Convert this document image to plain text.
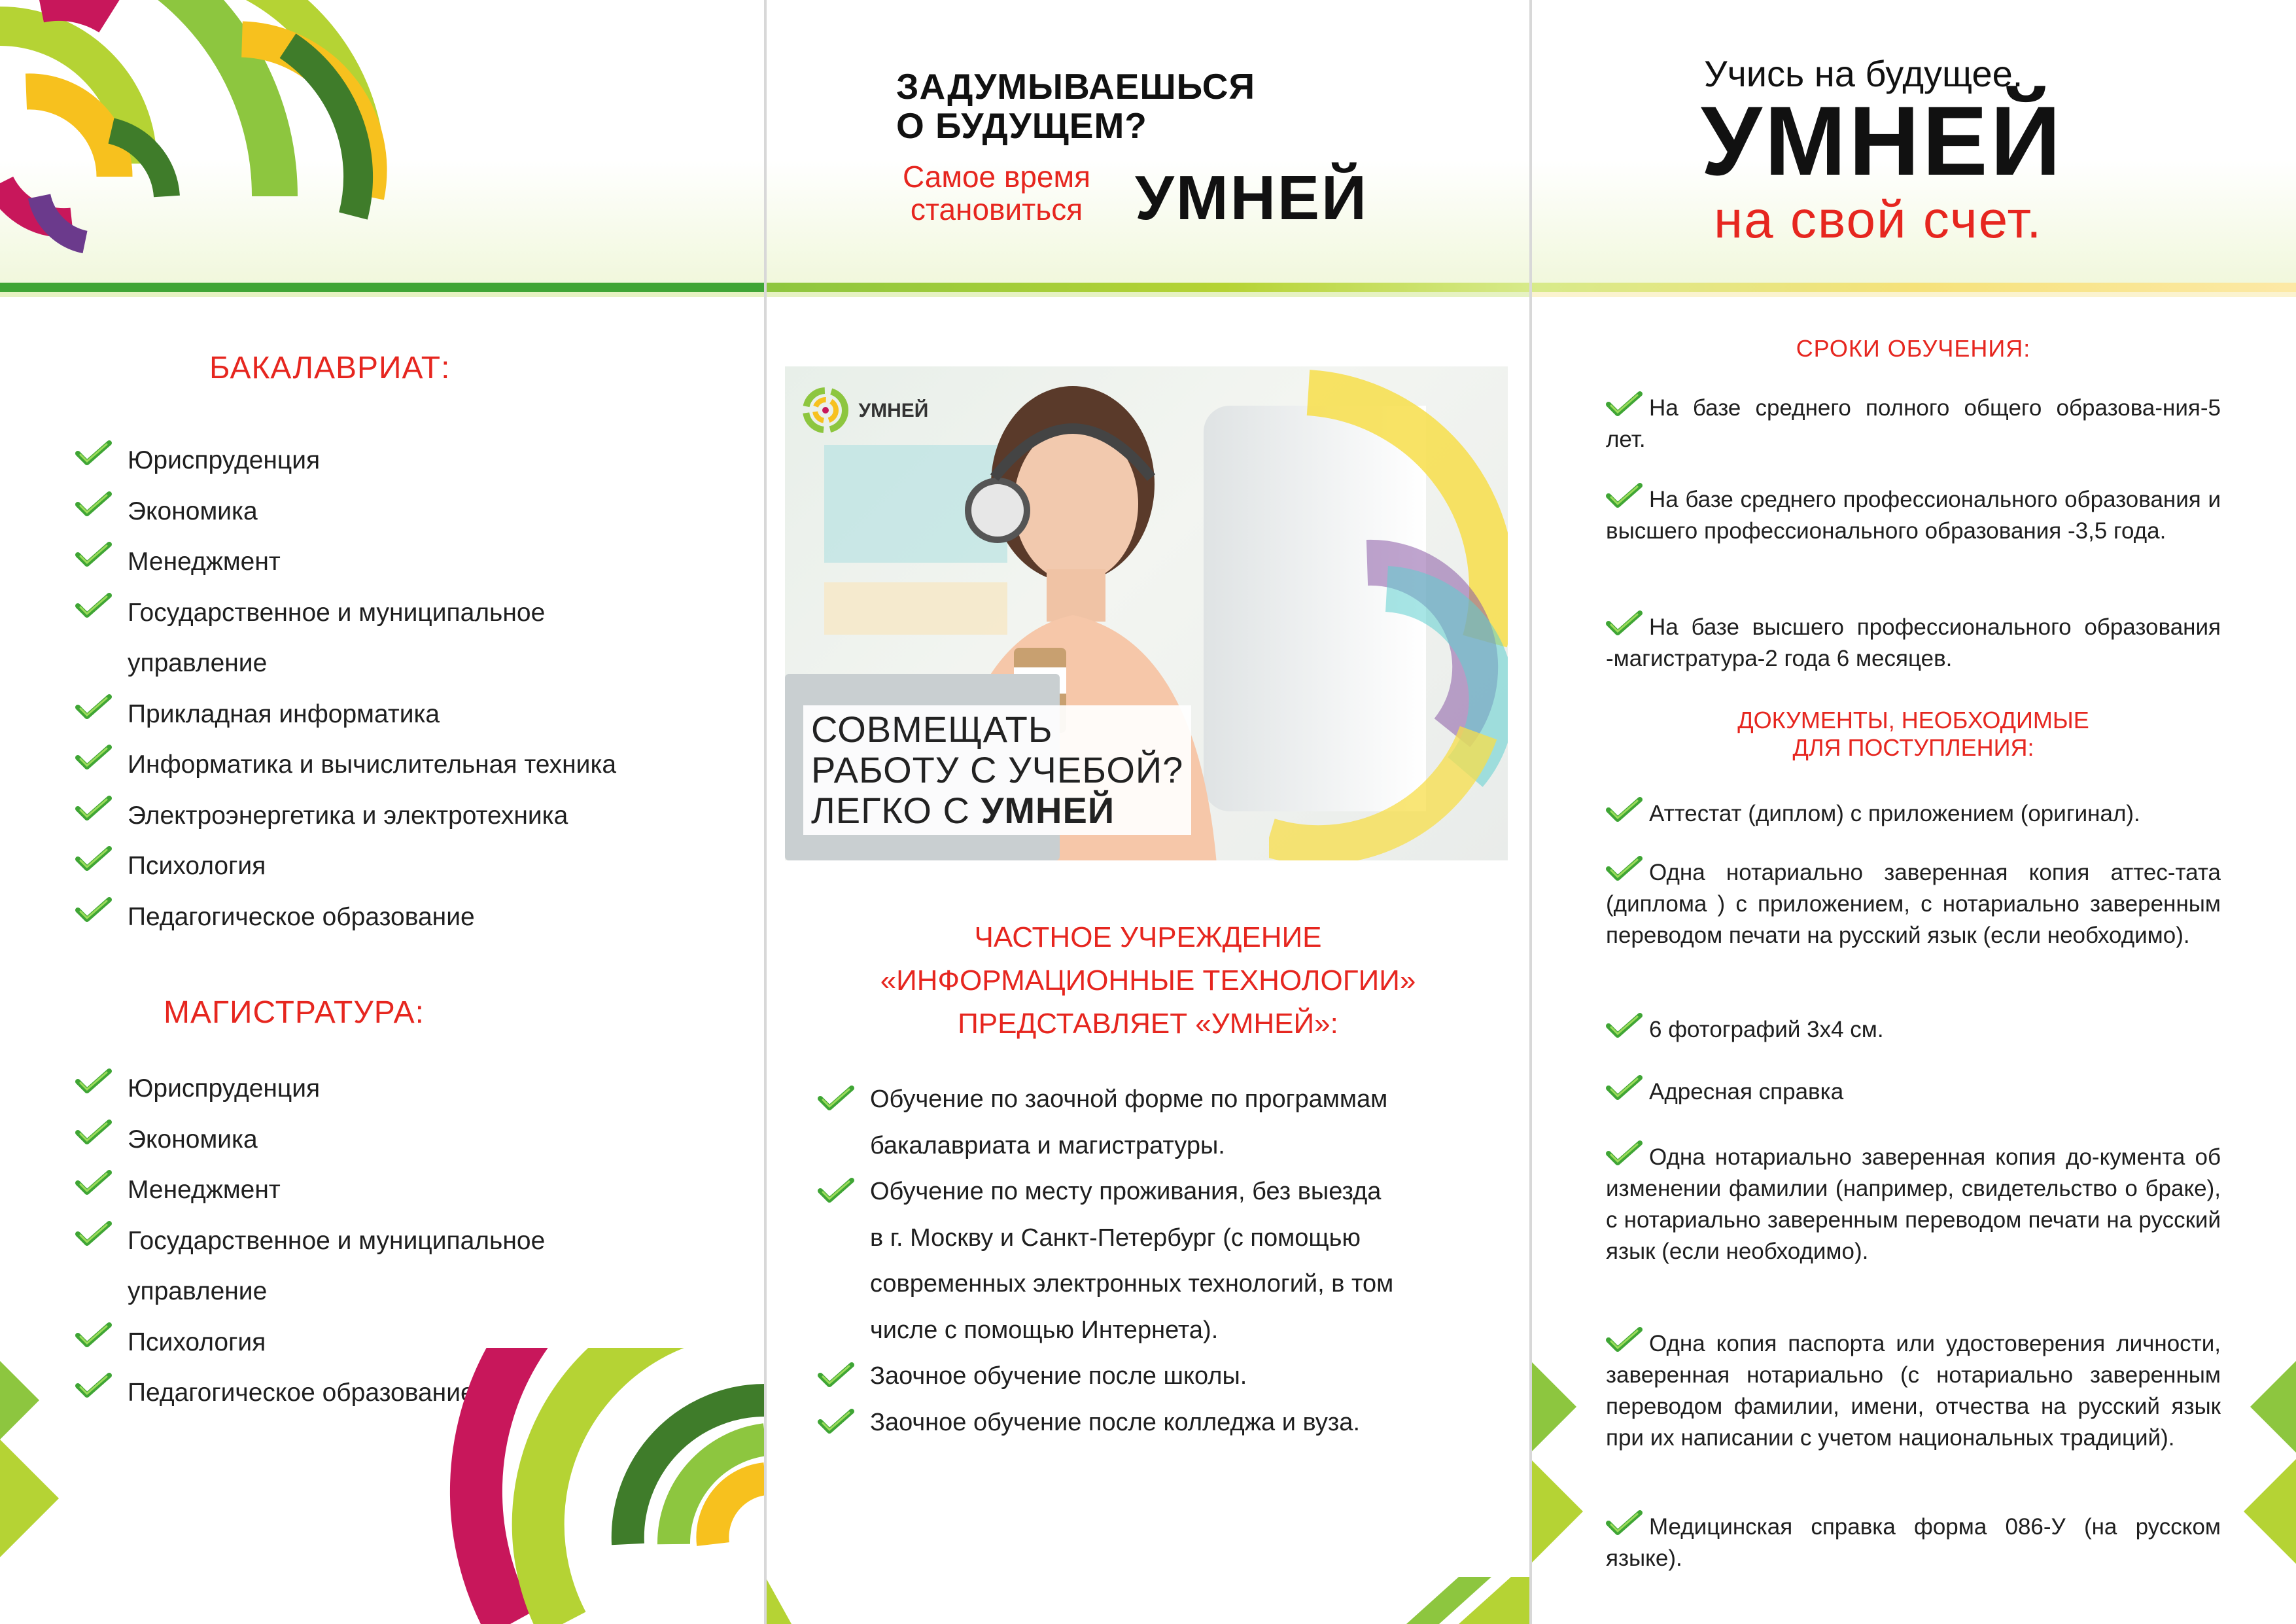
БАКАЛАВРИАТ:
Юриспруденция
Экономика
Менеджмент
Государственное и муниципальное
управление
Прикладная информатика
Информатика и вычислительная техника
Электроэнергетика и электротехника
Психология
Педагогическое образование
МАГИСТРАТУРА:
Юриспруденция
Экономика
Менеджмент
Государственное и муниципальное
управление
Психология
Педагогическое образование
ЗАДУМЫВАЕШЬСЯ
О БУДУЩЕМ?
Самое время
становиться УМНЕЙ
УМНЕЙ
СОВМЕЩАТЬ
РАБОТУ С УЧЕБОЙ?
ЛЕГКО С УМНЕЙ
ЧАСТНОЕ УЧРЕЖДЕНИЕ
«ИНФОРМАЦИОННЫЕ ТЕХНОЛОГИИ»
ПРЕДСТАВЛЯЕТ «УМНЕЙ»:
Обучение по заочной форме по программам
бакалавриата и магистратуры.
Обучение по месту проживания, без выезда
в г. Москву и Санкт-Петербург (с помощью
современных электронных технологий, в том
числе с помощью Интернета).
Заочное обучение после школы.
Заочное обучение после колледжа и вуза.
Учись на будущее.
УМНЕЙ
на свой счет.
СРОКИ ОБУЧЕНИЯ:
На базе среднего полного общего образова-ния-5 лет.
На базе среднего профессионального образования и высшего профессионального образования -3,5 года.
На базе высшего профессионального образования -магистратура-2 года 6 месяцев.
ДОКУМЕНТЫ, НЕОБХОДИМЫЕ
ДЛЯ ПОСТУПЛЕНИЯ:
Аттестат (диплом) с приложением (оригинал).
Одна нотариально заверенная копия аттес-тата (диплома ) с приложением, с нотариально заверенным переводом печати на русский язык (если необходимо).
6 фотографий 3х4 см.
Адресная справка
Одна нотариально заверенная копия до-кумента об изменении фамилии (например, свидетельство о браке), с нотариально заверенным переводом печати на русский язык (если необходимо).
Одна копия паспорта или удостоверения личности, заверенная нотариально (с нотариально заверенным переводом фамилии, имени, отчества на русский язык при их написании с учетом национальных традиций).
Медицинская справка форма 086-У (на русском языке).
